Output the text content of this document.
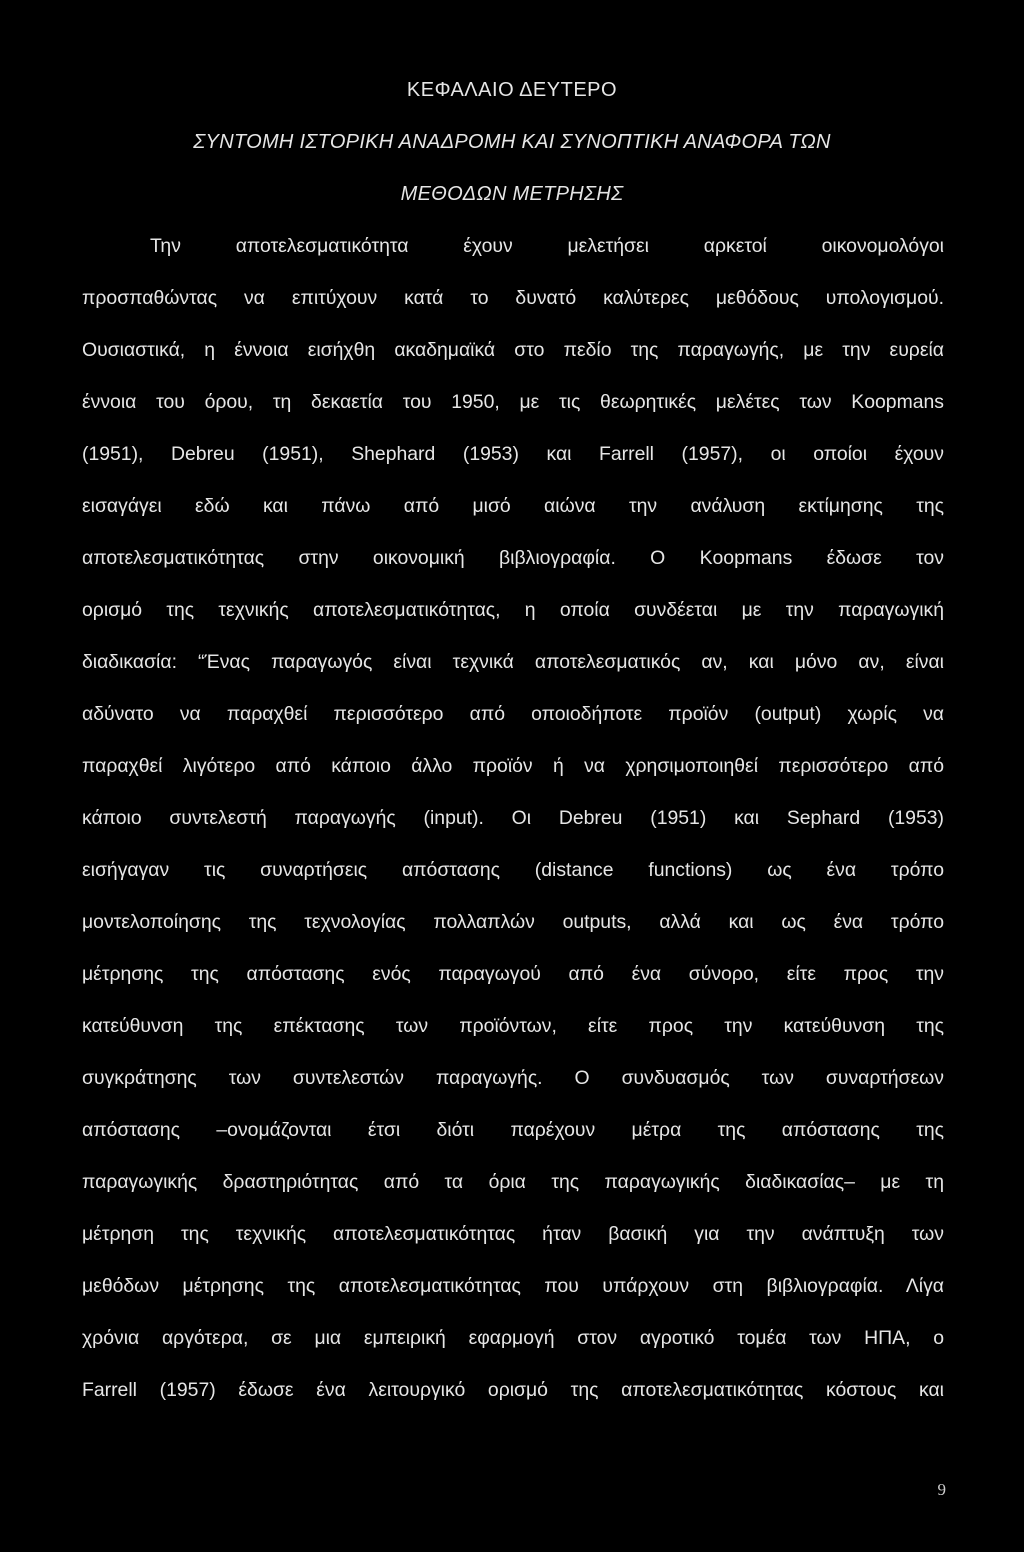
ΚΕΦΑΛΑΙΟ ΔΕΥΤΕΡΟ
ΣΥΝΤΟΜΗ ΙΣΤΟΡΙΚΗ ΑΝΑΔΡΟΜΗ ΚΑΙ ΣΥΝΟΠΤΙΚΗ ΑΝΑΦΟΡΑ ΤΩΝ
ΜΕΘΟΔΩΝ ΜΕΤΡΗΣΗΣ
Την αποτελεσματικότητα έχουν μελετήσει αρκετοί οικονομολόγοι
προσπαθώντας να επιτύχουν κατά το δυνατό καλύτερες μεθόδους υπολογισμού.
Ουσιαστικά, η έννοια εισήχθη ακαδημαϊκά στο πεδίο της παραγωγής, με την ευρεία
έννοια του όρου, τη δεκαετία του 1950, με τις θεωρητικές μελέτες των Koopmans
(1951), Debreu (1951), Shephard (1953) και Farrell (1957), οι οποίοι έχουν
εισαγάγει εδώ και πάνω από μισό αιώνα την ανάλυση εκτίμησης της
αποτελεσματικότητας στην οικονομική βιβλιογραφία. Ο Koopmans έδωσε τον
ορισμό της τεχνικής αποτελεσματικότητας, η οποία συνδέεται με την παραγωγική
διαδικασία: “Ένας παραγωγός είναι τεχνικά αποτελεσματικός αν, και μόνο αν, είναι
αδύνατο να παραχθεί περισσότερο από οποιοδήποτε προϊόν (output) χωρίς να
παραχθεί λιγότερο από κάποιο άλλο προϊόν ή να χρησιμοποιηθεί περισσότερο από
κάποιο συντελεστή παραγωγής (input). Οι Debreu (1951) και Sephard (1953)
εισήγαγαν τις συναρτήσεις απόστασης (distance functions) ως ένα τρόπο
μοντελοποίησης της τεχνολογίας πολλαπλών outputs, αλλά και ως ένα τρόπο
μέτρησης της απόστασης ενός παραγωγού από ένα σύνορο, είτε προς την
κατεύθυνση της επέκτασης των προϊόντων, είτε προς την κατεύθυνση της
συγκράτησης των συντελεστών παραγωγής. Ο συνδυασμός των συναρτήσεων
απόστασης –ονομάζονται έτσι διότι παρέχουν μέτρα της απόστασης της
παραγωγικής δραστηριότητας από τα όρια της παραγωγικής διαδικασίας– με τη
μέτρηση της τεχνικής αποτελεσματικότητας ήταν βασική για την ανάπτυξη των
μεθόδων μέτρησης της αποτελεσματικότητας που υπάρχουν στη βιβλιογραφία. Λίγα
χρόνια αργότερα, σε μια εμπειρική εφαρμογή στον αγροτικό τομέα των ΗΠΑ, ο
Farrell (1957) έδωσε ένα λειτουργικό ορισμό της αποτελεσματικότητας κόστους και
9
